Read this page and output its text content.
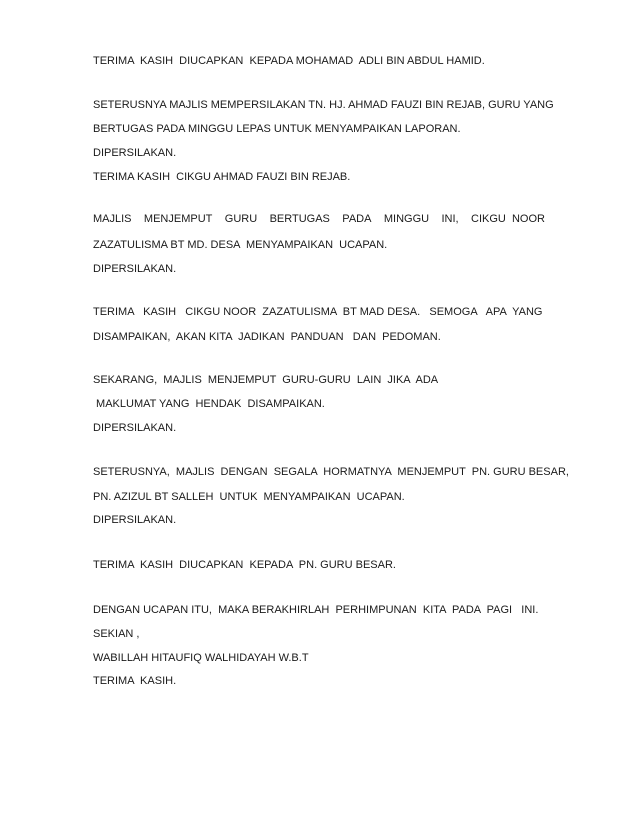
TERIMA  KASIH  DIUCAPKAN  KEPADA MOHAMAD  ADLI BIN ABDUL HAMID.
SETERUSNYA MAJLIS MEMPERSILAKAN TN. HJ. AHMAD FAUZI BIN REJAB, GURU YANG
BERTUGAS PADA MINGGU LEPAS UNTUK MENYAMPAIKAN LAPORAN.
DIPERSILAKAN.
TERIMA KASIH  CIKGU AHMAD FAUZI BIN REJAB.
MAJLIS MENJEMPUT GURU BERTUGAS PADA MINGGU INI, CIKGU  NOOR
ZAZATULISMA BT MD. DESA  MENYAMPAIKAN  UCAPAN.
DIPERSILAKAN.
TERIMA   KASIH   CIKGU NOOR  ZAZATULISMA  BT MAD DESA.   SEMOGA   APA  YANG
DISAMPAIKAN,  AKAN KITA  JADIKAN  PANDUAN   DAN  PEDOMAN.
SEKARANG,  MAJLIS  MENJEMPUT  GURU-GURU  LAIN  JIKA  ADA
MAKLUMAT YANG  HENDAK  DISAMPAIKAN.
DIPERSILAKAN.
SETERUSNYA,  MAJLIS  DENGAN  SEGALA  HORMATNYA  MENJEMPUT  PN. GURU BESAR,
PN. AZIZUL BT SALLEH  UNTUK  MENYAMPAIKAN  UCAPAN.
DIPERSILAKAN.
TERIMA  KASIH  DIUCAPKAN  KEPADA  PN. GURU BESAR.
DENGAN UCAPAN ITU,  MAKA BERAKHIRLAH  PERHIMPUNAN  KITA  PADA  PAGI   INI.
SEKIAN ,
WABILLAH HITAUFIQ WALHIDAYAH W.B.T
TERIMA  KASIH.
